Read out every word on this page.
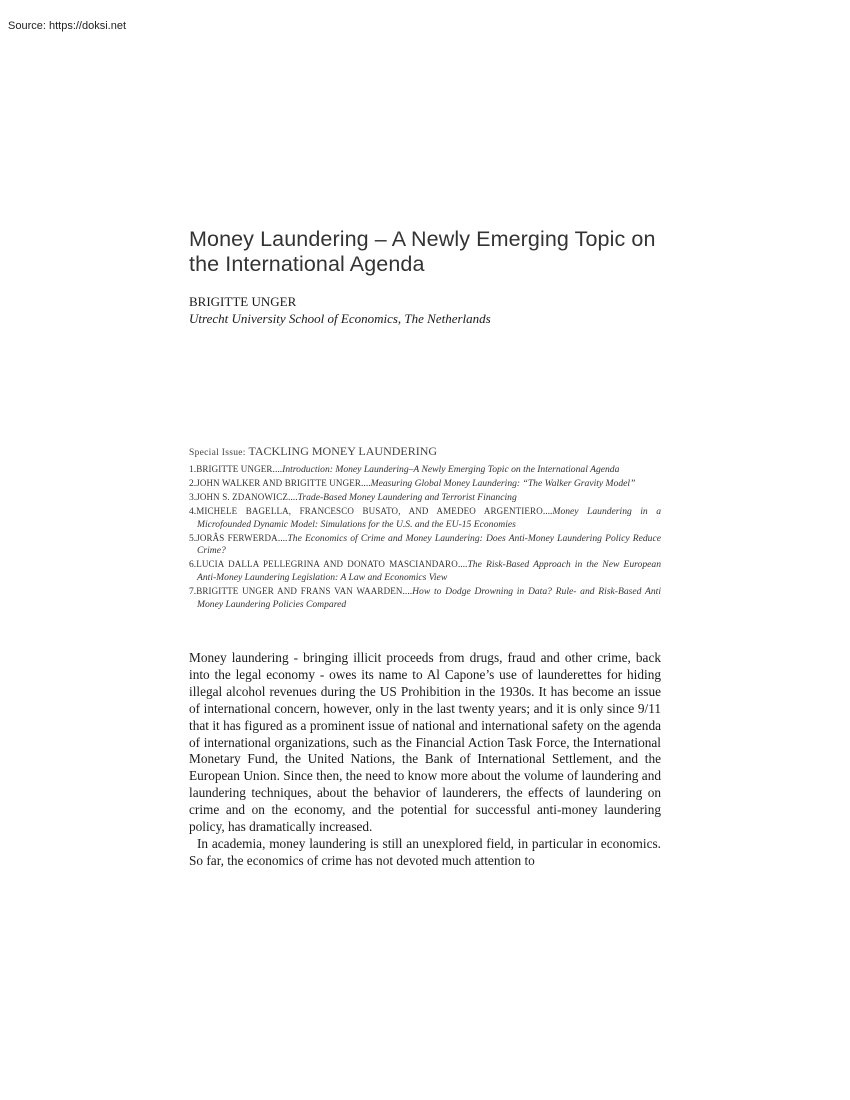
Source: https://doksi.net
Money Laundering – A Newly Emerging Topic on the International Agenda
BRIGITTE UNGER
Utrecht University School of Economics, The Netherlands
Special Issue: TACKLING MONEY LAUNDERING
1.BRIGITTE UNGER....Introduction: Money Laundering–A Newly Emerging Topic on the International Agenda
2.JOHN WALKER AND BRIGITTE UNGER....Measuring Global Money Laundering: “The Walker Gravity Model”
3.JOHN S. ZDANOWICZ....Trade-Based Money Laundering and Terrorist Financing
4.MICHELE BAGELLA, FRANCESCO BUSATO, AND AMEDEO ARGENTIERO....Money Laundering in a Microfounded Dynamic Model: Simulations for the U.S. and the EU-15 Economies
5.JORÂS FERWERDA....The Economics of Crime and Money Laundering: Does Anti-Money Laundering Policy Reduce Crime?
6.LUCIA DALLA PELLEGRINA AND DONATO MASCIANDARO....The Risk-Based Approach in the New European Anti-Money Laundering Legislation: A Law and Economics View
7.BRIGITTE UNGER AND FRANS VAN WAARDEN....How to Dodge Drowning in Data? Rule- and Risk-Based Anti Money Laundering Policies Compared

Money laundering - bringing illicit proceeds from drugs, fraud and other crime, back into the legal economy - owes its name to Al Capone’s use of launderettes for hiding illegal alcohol revenues during the US Prohibition in the 1930s. It has become an issue of international concern, however, only in the last twenty years; and it is only since 9/11 that it has figured as a prominent issue of national and international safety on the agenda of international organizations, such as the Financial Action Task Force, the International Monetary Fund, the United Nations, the Bank of International Settlement, and the European Union. Since then, the need to know more about the volume of laundering and laundering techniques, about the behavior of launderers, the effects of laundering on crime and on the economy, and the potential for successful anti-money laundering policy, has dramatically increased.

In academia, money laundering is still an unexplored field, in particular in economics. So far, the economics of crime has not devoted much attention to
